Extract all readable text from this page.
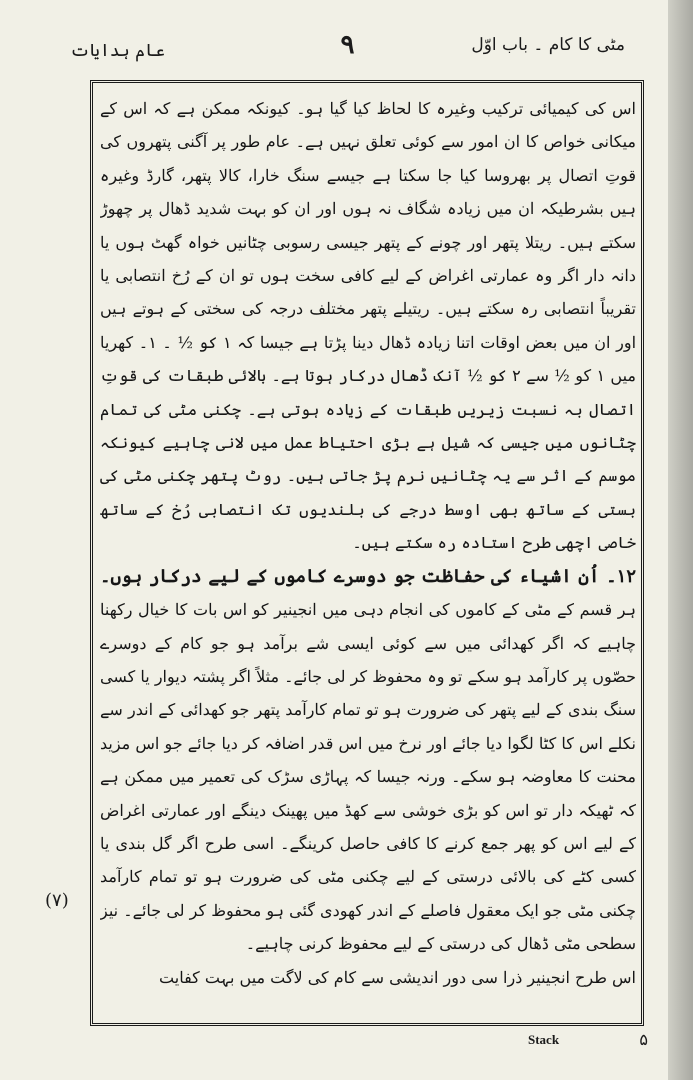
مٹی کا کام ۔ باب اوّل
۹
عام ہدایات

اس کی کیمیائی ترکیب وغیرہ کا لحاظ کیا گیا ہو۔ کیونکہ ممکن ہے کہ اس کے میکانی خواص کا ان امور سے کوئی تعلق نہیں ہے۔ عام طور پر آگنی پتھروں کی قوتِ اتصال پر بھروسا کیا جا سکتا ہے جیسے سنگ خارا، کالا پتھر، گارڈ وغیرہ ہیں بشرطیکہ ان میں زیادہ شگاف نہ ہوں اور ان کو بہت شدید ڈھال پر چھوڑ سکتے ہیں۔ ریتلا پتھر اور چونے کے پتھر جیسی رسوبی چٹانیں خواہ گھٹ ہوں یا دانہ دار اگر وہ عمارتی اغراض کے لیے کافی سخت ہوں تو ان کے رُخ انتصابی یا تقریباً انتصابی رہ سکتے ہیں۔ ریتیلے پتھر مختلف درجہ کی سختی کے ہوتے ہیں اور ان میں بعض اوقات اتنا زیادہ ڈھال دینا پڑتا ہے جیسا کہ ۱ کو ½ ۔ ۱۔ کھریا میں ۱ کو ½ سے ۲ کو ½ آنک ڈھال درکار ہوتا ہے۔ بالائی طبقات کی قوتِ اتصال بہ نسبت زیریں طبقات کے زیادہ ہوتی ہے۔ چکنی مٹی کی تمام چٹانوں میں جیسی کہ شیل ہے بڑی احتیاط عمل میں لانی چاہیے کیونکہ موسم کے اثر سے یہ چٹانیں نرم پڑ جاتی ہیں۔ روٹ پتھر چکنی مٹی کی بستی کے ساتھ بھی اوسط درجے کی بلندیوں تک انتصابی رُخ کے ساتھ خاصی اچھی طرح استادہ رہ سکتے ہیں۔

۱۲۔ اُن اشیاء کی حفاظت جو دوسرے کاموں کے لیے درکار ہوں۔ ہر قسم کے مٹی کے کاموں کی انجام دہی میں انجینیر کو اس بات کا خیال رکھنا چاہیے کہ اگر کھدائی میں سے کوئی ایسی شے برآمد ہو جو کام کے دوسرے حصّوں پر کارآمد ہو سکے تو وہ محفوظ کر لی جائے۔ مثلاً اگر پشتہ دیوار یا کسی سنگ بندی کے لیے پتھر کی ضرورت ہو تو تمام کارآمد پتھر جو کھدائی کے اندر سے نکلے اس کا کٹا لگوا دیا جائے اور نرخ میں اس قدر اضافہ کر دیا جائے جو اس مزید محنت کا معاوضہ ہو سکے۔ ورنہ جیسا کہ پہاڑی سڑک کی تعمیر میں ممکن ہے کہ ٹھیکہ دار تو اس کو بڑی خوشی سے کھڈ میں پھینک دینگے اور عمارتی اغراض کے لیے اس کو پھر جمع کرنے کا کافی حاصل کرینگے۔ اسی طرح اگر گل بندی یا کسی کٹے کی بالائی درستی کے لیے چکنی مٹی کی ضرورت ہو تو تمام کارآمد چکنی مٹی جو ایک معقول فاصلے کے اندر کھودی گئی ہو محفوظ کر لی جائے۔ نیز سطحی مٹی ڈھال کی درستی کے لیے محفوظ کرنی چاہیے۔

اس طرح انجینیر ذرا سی دور اندیشی سے کام کی لاگت میں بہت کفایت

(۷)
Stack	۵
